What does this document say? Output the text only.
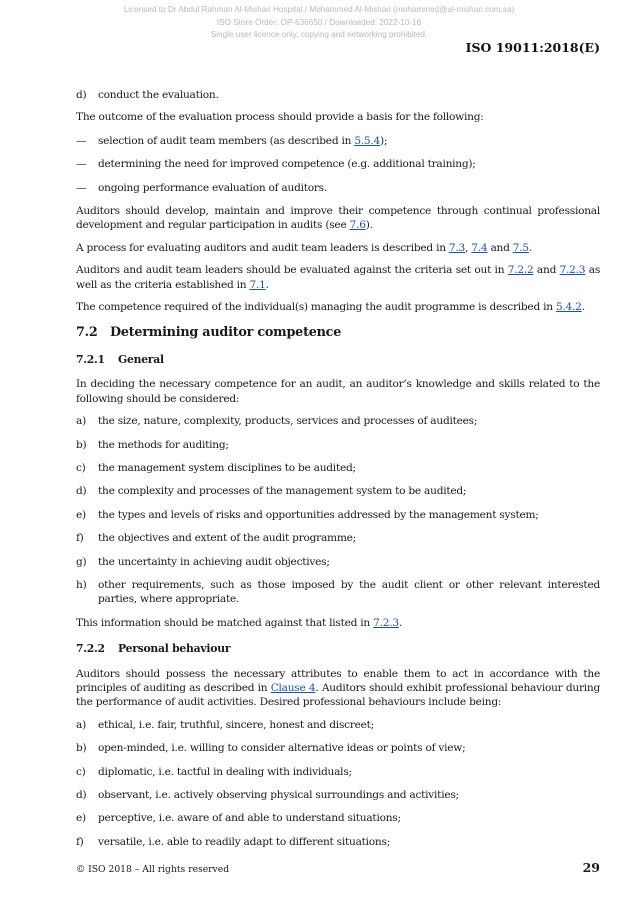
Licensed to Dr Abdul Rahman Al-Mishari Hospital / Mohammed Al-Mishari (mohammed@al-mishari.com.sa)
ISO Store Order: OP-636650 / Downloaded: 2022-10-16
Single user licence only, copying and networking prohibited.
ISO 19011:2018(E)
d)	conduct the evaluation.

The outcome of the evaluation process should provide a basis for the following:

—	selection of audit team members (as described in 5.5.4);
—	determining the need for improved competence (e.g. additional training);
—	ongoing performance evaluation of auditors.

Auditors should develop, maintain and improve their competence through continual professional development and regular participation in audits (see 7.6).

A process for evaluating auditors and audit team leaders is described in 7.3, 7.4 and 7.5.

Auditors and audit team leaders should be evaluated against the criteria set out in 7.2.2 and 7.2.3 as well as the criteria established in 7.1.

The competence required of the individual(s) managing the audit programme is described in 5.4.2.

7.2 Determining auditor competence
7.2.1	General

In deciding the necessary competence for an audit, an auditor’s knowledge and skills related to the following should be considered:

a)	the size, nature, complexity, products, services and processes of auditees;
b)	the methods for auditing;
c)	the management system disciplines to be audited;
d)	the complexity and processes of the management system to be audited;
e)	the types and levels of risks and opportunities addressed by the management system;
f)	the objectives and extent of the audit programme;
g)	the uncertainty in achieving audit objectives;
h)	other requirements, such as those imposed by the audit client or other relevant interested parties, where appropriate.

This information should be matched against that listed in 7.2.3.

7.2.2	Personal behaviour

Auditors should possess the necessary attributes to enable them to act in accordance with the principles of auditing as described in Clause 4. Auditors should exhibit professional behaviour during the performance of audit activities. Desired professional behaviours include being:

a)	ethical, i.e. fair, truthful, sincere, honest and discreet;
b)	open-minded, i.e. willing to consider alternative ideas or points of view;
c)	diplomatic, i.e. tactful in dealing with individuals;
d)	observant, i.e. actively observing physical surroundings and activities;
e)	perceptive, i.e. aware of and able to understand situations;
f)	versatile, i.e. able to readily adapt to different situations;
© ISO 2018 – All rights reserved	29
